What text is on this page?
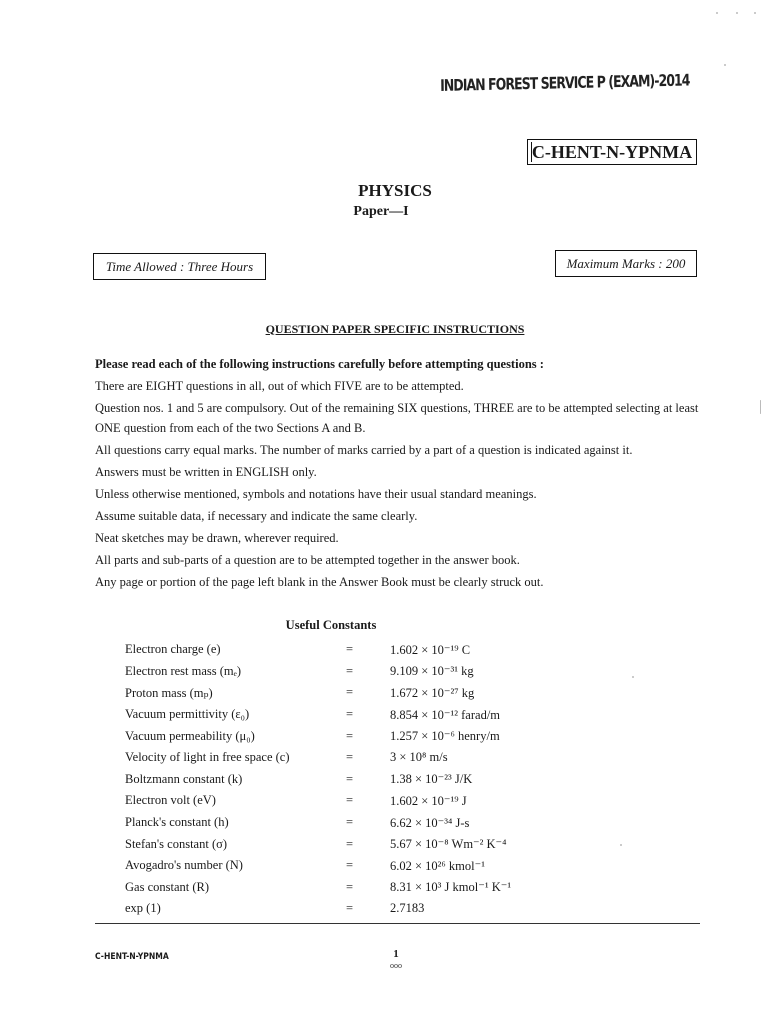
INDIAN FOREST SERVICE P (EXAM)-2014
C-HENT-N-YPNMA
PHYSICS
Paper—I
Time Allowed : Three Hours	Maximum Marks : 200
QUESTION PAPER SPECIFIC INSTRUCTIONS

Please read each of the following instructions carefully before attempting questions :

There are EIGHT questions in all, out of which FIVE are to be attempted.

Question nos. 1 and 5 are compulsory. Out of the remaining SIX questions, THREE are to be attempted selecting at least ONE question from each of the two Sections A and B.

All questions carry equal marks. The number of marks carried by a part of a question is indicated against it.

Answers must be written in ENGLISH only.

Unless otherwise mentioned, symbols and notations have their usual standard meanings.

Assume suitable data, if necessary and indicate the same clearly.

Neat sketches may be drawn, wherever required.

All parts and sub-parts of a question are to be attempted together in the answer book.

Any page or portion of the page left blank in the Answer Book must be clearly struck out.

Useful Constants
Electron charge (e)	=	1.602 × 10⁻¹⁹ C
Electron rest mass (mₑ)	=	9.109 × 10⁻³¹ kg
Proton mass (mₚ)	=	1.672 × 10⁻²⁷ kg
Vacuum permittivity (ε₀)	=	8.854 × 10⁻¹² farad/m
Vacuum permeability (μ₀)	=	1.257 × 10⁻⁶ henry/m
Velocity of light in free space (c)	=	3 × 10⁸ m/s
Boltzmann constant (k)	=	1.38 × 10⁻²³ J/K
Electron volt (eV)	=	1.602 × 10⁻¹⁹ J
Planck's constant (h)	=	6.62 × 10⁻³⁴ J-s
Stefan's constant (σ)	=	5.67 × 10⁻⁸ Wm⁻² K⁻⁴
Avogadro's number (N)	=	6.02 × 10²⁶ kmol⁻¹
Gas constant (R)	=	8.31 × 10³ J kmol⁻¹ K⁻¹
exp (1)	=	2.7183
C-HENT-N-YPNMA	1
ooo
